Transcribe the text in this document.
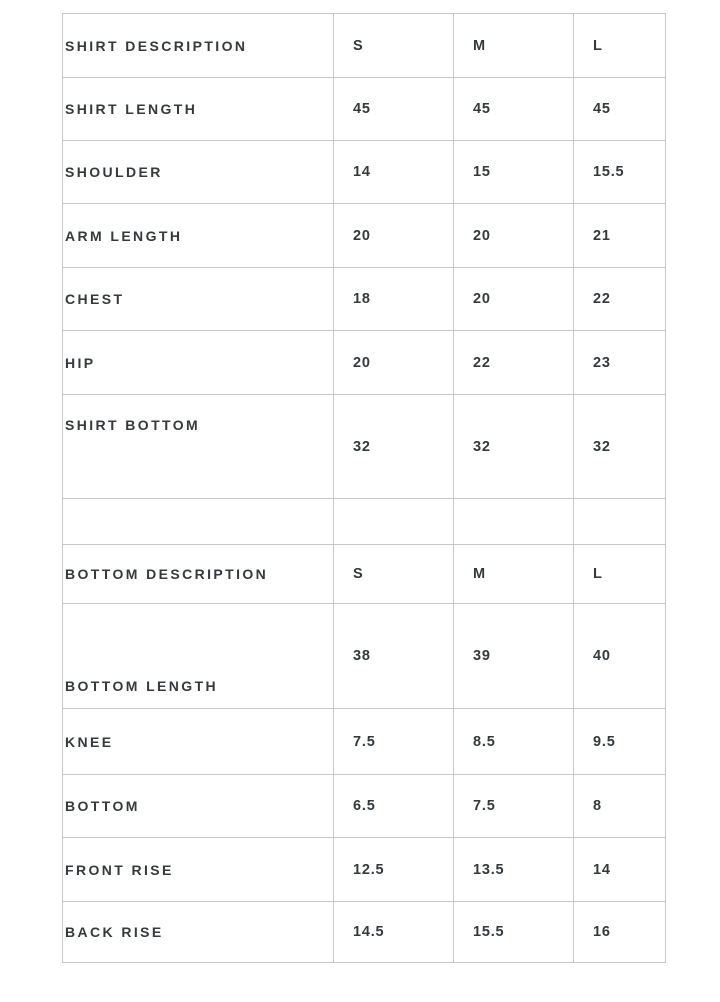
SHIRT DESCRIPTION	S	M	L
SHIRT LENGTH	45	45	45
SHOULDER	14	15	15.5
ARM LENGTH	20	20	21
CHEST	18	20	22
HIP	20	22	23
SHIRT BOTTOM	32	32	32

BOTTOM DESCRIPTION	S	M	L
BOTTOM LENGTH	38	39	40
KNEE	7.5	8.5	9.5
BOTTOM	6.5	7.5	8
FRONT RISE	12.5	13.5	14
BACK RISE	14.5	15.5	16
